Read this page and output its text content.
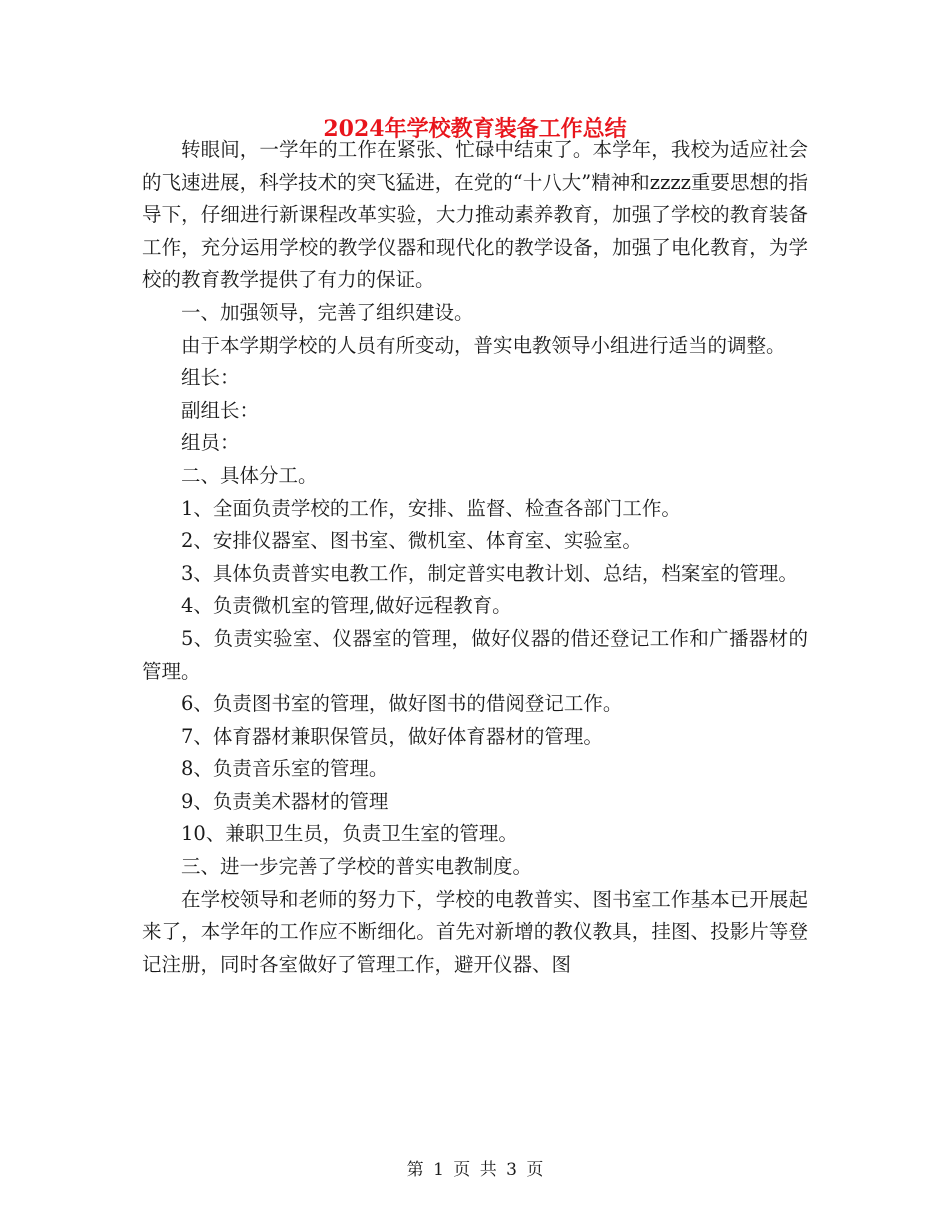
2024年学校教育装备工作总结

转眼间，一学年的工作在紧张、忙碌中结束了。本学年，我校为适应社会的飞速进展，科学技术的突飞猛进，在党的“十八大”精神和zzzz重要思想的指导下，仔细进行新课程改革实验，大力推动素养教育，加强了学校的教育装备工作，充分运用学校的教学仪器和现代化的教学设备，加强了电化教育，为学校的教育教学提供了有力的保证。

一、加强领导，完善了组织建设。

由于本学期学校的人员有所变动，普实电教领导小组进行适当的调整。

组长：

副组长：

组员：

二、具体分工。

1、全面负责学校的工作，安排、监督、检查各部门工作。

2、安排仪器室、图书室、微机室、体育室、实验室。

3、具体负责普实电教工作，制定普实电教计划、总结，档案室的管理。

4、负责微机室的管理,做好远程教育。

5、负责实验室、仪器室的管理，做好仪器的借还登记工作和广播器材的管理。

6、负责图书室的管理，做好图书的借阅登记工作。

7、体育器材兼职保管员，做好体育器材的管理。

8、负责音乐室的管理。

9、负责美术器材的管理

10、兼职卫生员，负责卫生室的管理。

三、进一步完善了学校的普实电教制度。

在学校领导和老师的努力下，学校的电教普实、图书室工作基本已开展起来了，本学年的工作应不断细化。首先对新增的教仪教具，挂图、投影片等登记注册，同时各室做好了管理工作，避开仪器、图

第 1 页 共 3 页
